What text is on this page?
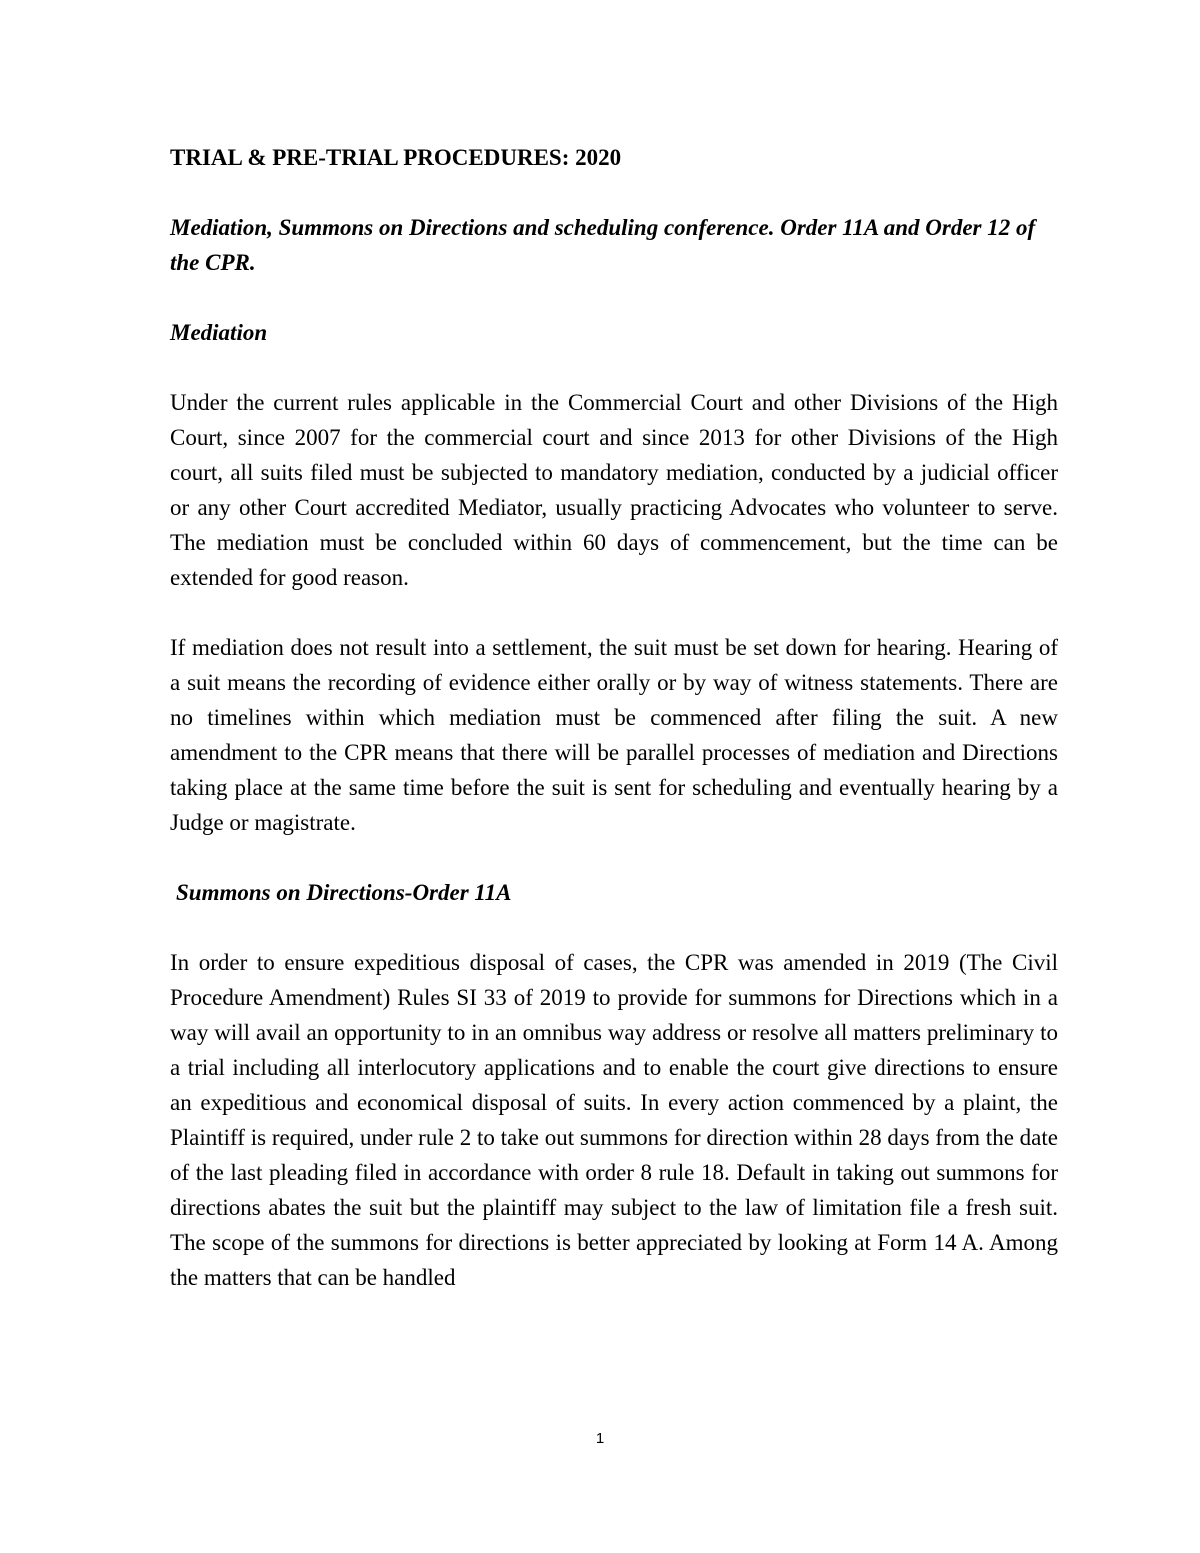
TRIAL & PRE-TRIAL PROCEDURES: 2020
Mediation, Summons on Directions and scheduling conference. Order 11A and Order 12 of the CPR.
Mediation

Under the current rules applicable in the Commercial Court and other Divisions of the High Court, since 2007 for the commercial court and since 2013 for other Divisions of the High court, all suits filed must be subjected to mandatory mediation, conducted by a judicial officer or any other Court accredited Mediator, usually practicing Advocates who volunteer to serve. The mediation must be concluded within 60 days of commencement, but the time can be extended for good reason.

If mediation does not result into a settlement, the suit must be set down for hearing. Hearing of a suit means the recording of evidence either orally or by way of witness statements. There are no timelines within which mediation must be commenced after filing the suit. A new amendment to the CPR means that there will be parallel processes of mediation and Directions taking place at the same time before the suit is sent for scheduling and eventually hearing by a Judge or magistrate.

Summons on Directions-Order 11A

In order to ensure expeditious disposal of cases, the CPR was amended in 2019 (The Civil Procedure Amendment) Rules SI 33 of 2019 to provide for summons for Directions which in a way will avail an opportunity to in an omnibus way address or resolve all matters preliminary to a trial including all interlocutory applications and to enable the court give directions to ensure an expeditious and economical disposal of suits. In every action commenced by a plaint, the Plaintiff is required, under rule 2 to take out summons for direction within 28 days from the date of the last pleading filed in accordance with order 8 rule 18. Default in taking out summons for directions abates the suit but the plaintiff may subject to the law of limitation file a fresh suit. The scope of the summons for directions is better appreciated by looking at Form 14 A. Among the matters that can be handled

1
